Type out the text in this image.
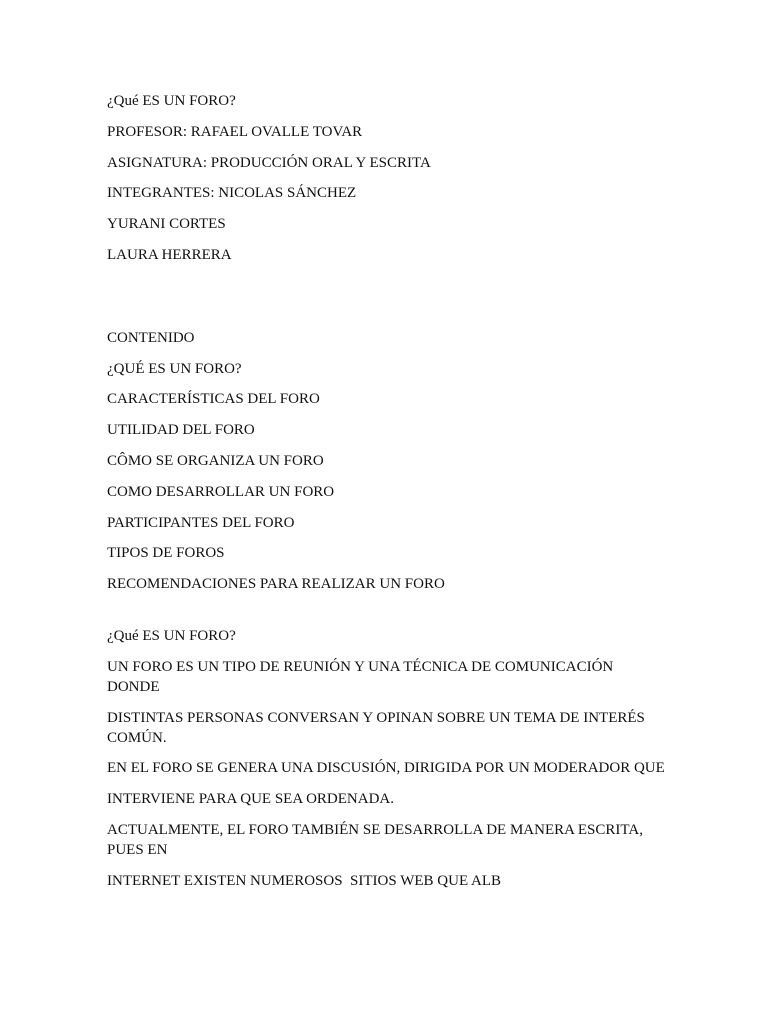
¿Qué ES UN FORO?

PROFESOR: RAFAEL OVALLE TOVAR

ASIGNATURA: PRODUCCIÓN ORAL Y ESCRITA

INTEGRANTES: NICOLAS SÁNCHEZ

YURANI CORTES

LAURA HERRERA

CONTENIDO

¿QUÉ ES UN FORO?

CARACTERÍSTICAS DEL FORO

UTILIDAD DEL FORO

CÔMO SE ORGANIZA UN FORO

COMO DESARROLLAR UN FORO

PARTICIPANTES DEL FORO

TIPOS DE FOROS

RECOMENDACIONES PARA REALIZAR UN FORO

¿Qué ES UN FORO?

UN FORO ES UN TIPO DE REUNIÓN Y UNA TÉCNICA DE COMUNICACIÓN DONDE

DISTINTAS PERSONAS CONVERSAN Y OPINAN SOBRE UN TEMA DE INTERÉS COMÚN.

EN EL FORO SE GENERA UNA DISCUSIÓN, DIRIGIDA POR UN MODERADOR QUE

INTERVIENE PARA QUE SEA ORDENADA.

ACTUALMENTE, EL FORO TAMBIÉN SE DESARROLLA DE MANERA ESCRITA, PUES EN

INTERNET EXISTEN NUMEROSOS  SITIOS WEB QUE ALB
